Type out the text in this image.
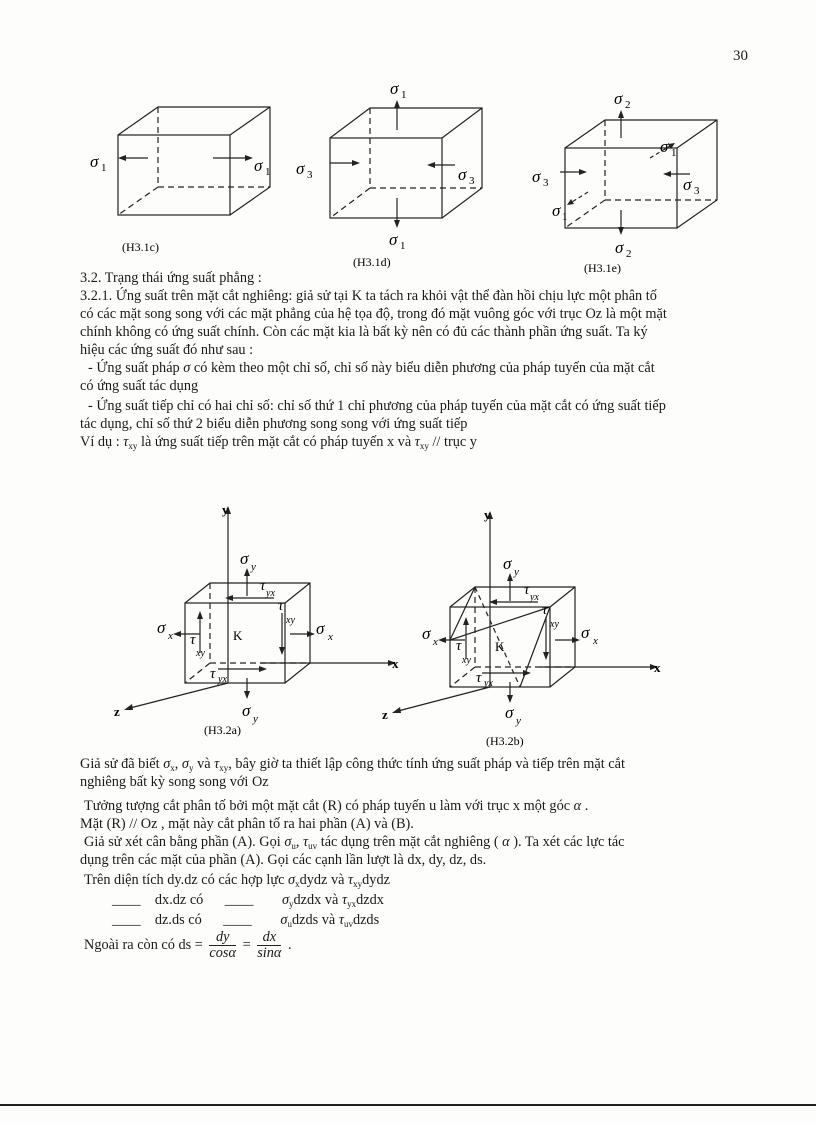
30
σ 1	σ 1
(H3.1c)
σ 1
σ 3	σ 3
σ 1
(H3.1d)
σ 2
σ 1
σ 3	σ 3
σ 1
σ 2
(H3.1e)
3.2. Trạng thái ứng suất phẳng :
3.2.1. Ứng suất trên mặt cắt nghiêng: giả sử tại K ta tách ra khỏi vật thể đàn hồi chịu lực một phân tố
có các mặt song song với các mặt phẳng của hệ tọa độ, trong đó mặt vuông góc với trục Oz là một mặt
chính không có ứng suất chính. Còn các mặt kia là bất kỳ nên có đủ các thành phần ứng suất. Ta ký
hiệu các ứng suất đó như sau :
- Ứng suất pháp σ có kèm theo một chỉ số, chỉ số này biểu diễn phương của pháp tuyến của mặt cắt
có ứng suất tác dụng
- Ứng suất tiếp chỉ có hai chỉ số: chỉ số thứ 1 chỉ phương của pháp tuyến của mặt cắt có ứng suất tiếp
tác dụng, chỉ số thứ 2 biểu diễn phương song song với ứng suất tiếp
Ví dụ : $\tau_{xy}$ là ứng suất tiếp trên mặt cắt có pháp tuyến x và $\tau_{xy}$ // trục y
y
x
z
K
σ y
σ y
σ x	σ x
τ yx
τ
xy
τ
xy
τ yx
(H3.2a)
y
x
z
K
σ y
σ y
σ x	σ x
τ yx
τ
xy
τ
xy
τ yx
(H3.2b)
Giả sử đã biết $\sigma_x$, $\sigma_y$ và $\tau_{xy}$, bây giờ ta thiết lập công thức tính ứng suất pháp và tiếp trên mặt cắt
nghiêng bất kỳ song song với Oz
Tưởng tượng cắt phân tố bởi một mặt cắt (R) có pháp tuyến u làm với trục x một góc α .
Mặt (R) // Oz , mặt này cắt phân tố ra hai phần (A) và (B).
Giả sử xét cân bằng phần (A). Gọi $\sigma_u$, $\tau_{uv}$ tác dụng trên mặt cắt nghiêng ( α ). Ta xét các lực tác
dụng trên các mặt của phần (A). Gọi các cạnh lần lượt là dx, dy, dz, ds.
Trên diện tích dy.dz có các hợp lực $\sigma_xdydz$ và $\tau_{xy}dydz$
____ dx.dz có ____ $\sigma_ydzdx$ và $\tau_{yx}dzdx$
____ dz.ds có ____ $\sigma_udzds$ và $\tau_{uv}dzds$
Ngoài ra còn có ds = $\frac{dy}{\cos\alpha} = \frac{dx}{\sin\alpha}$ .
